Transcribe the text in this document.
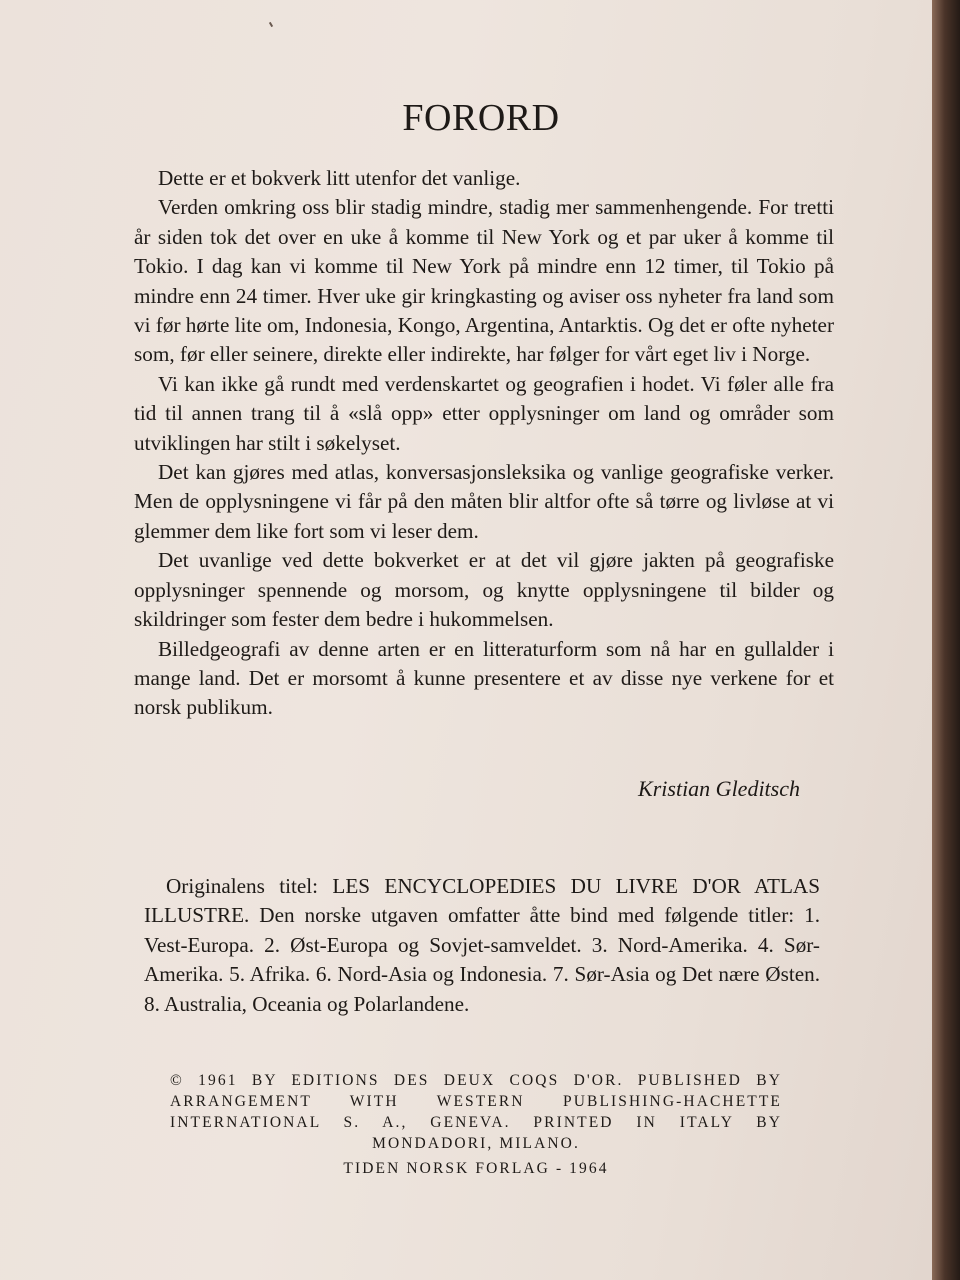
FORORD

Dette er et bokverk litt utenfor det vanlige.

Verden omkring oss blir stadig mindre, stadig mer sammenhengende. For tretti år siden tok det over en uke å komme til New York og et par uker å komme til Tokio. I dag kan vi komme til New York på mindre enn 12 timer, til Tokio på mindre enn 24 timer. Hver uke gir kringkasting og aviser oss nyheter fra land som vi før hørte lite om, Indonesia, Kongo, Argentina, Antarktis. Og det er ofte nyheter som, før eller seinere, direkte eller indirekte, har følger for vårt eget liv i Norge.

Vi kan ikke gå rundt med verdenskartet og geografien i hodet. Vi føler alle fra tid til annen trang til å «slå opp» etter opplysninger om land og områder som utviklingen har stilt i søkelyset.

Det kan gjøres med atlas, konversasjonsleksika og vanlige geografiske verker. Men de opplysningene vi får på den måten blir altfor ofte så tørre og livløse at vi glemmer dem like fort som vi leser dem.

Det uvanlige ved dette bokverket er at det vil gjøre jakten på geografiske opplysninger spennende og morsom, og knytte opplysningene til bilder og skildringer som fester dem bedre i hukommelsen.

Billedgeografi av denne arten er en litteraturform som nå har en gullalder i mange land. Det er morsomt å kunne presentere et av disse nye verkene for et norsk publikum.

Kristian Gleditsch

Originalens titel: LES ENCYCLOPEDIES DU LIVRE D'OR ATLAS ILLUSTRE. Den norske utgaven omfatter åtte bind med følgende titler: 1. Vest-Europa. 2. Øst-Europa og Sovjet-samveldet. 3. Nord-Amerika. 4. Sør-Amerika. 5. Afrika. 6. Nord-Asia og Indonesia. 7. Sør-Asia og Det nære Østen. 8. Australia, Oceania og Polarlandene.

© 1961 BY EDITIONS DES DEUX COQS D'OR. PUBLISHED BY ARRANGEMENT WITH WESTERN PUBLISHING-HACHETTE INTERNATIONAL S. A., GENEVA. PRINTED IN ITALY BY MONDADORI, MILANO.

TIDEN NORSK FORLAG - 1964
